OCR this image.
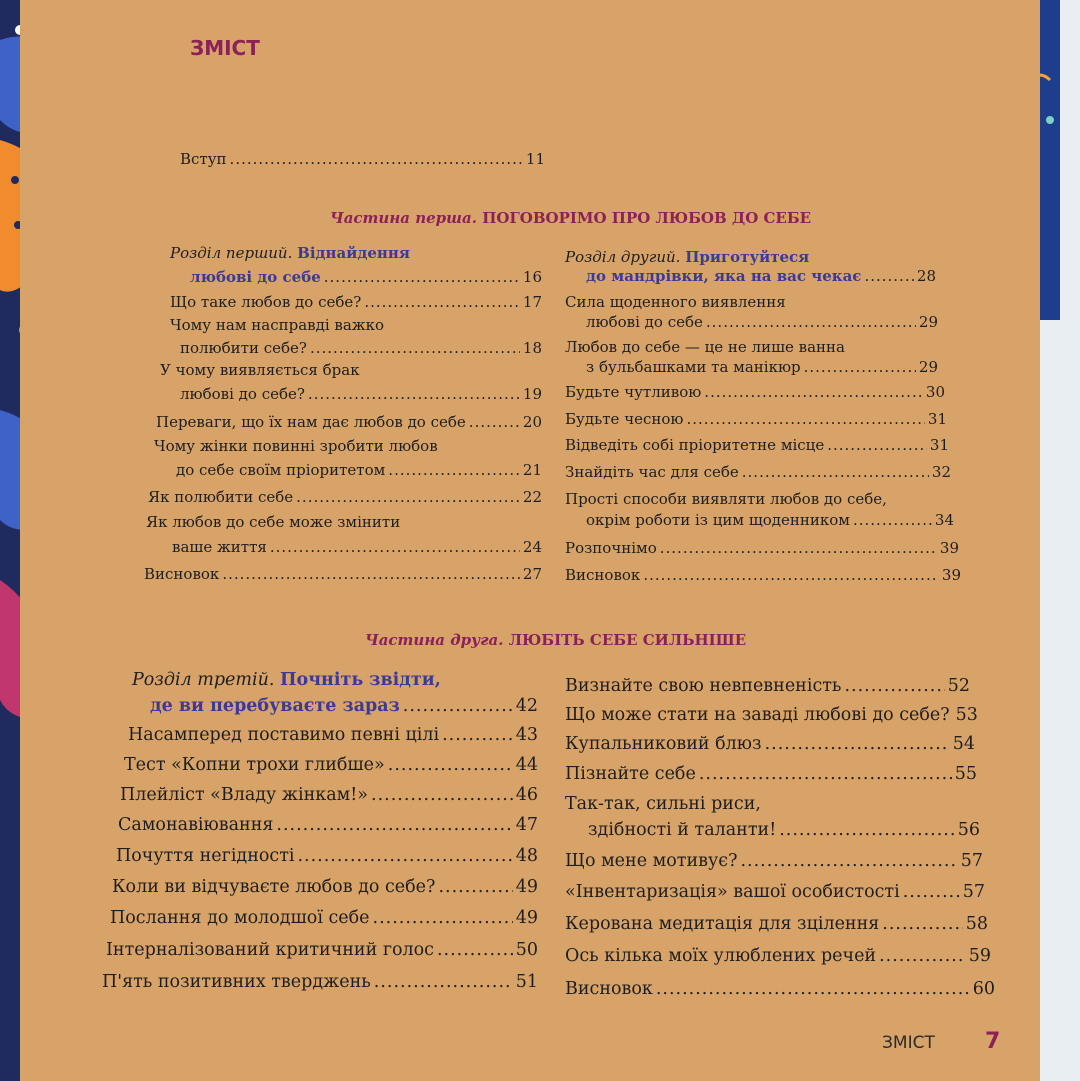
ЗМІСТ
Вступ .....	11
Частина перша. ПОГОВОРІМО ПРО ЛЮБОВ ДО СЕБЕ
Розділ перший. Віднайдення
любові до себе .....	16
Що таке любов до себе? .....	17
Чому нам насправді важко
полюбити себе? .....	18
У чому виявляється брак
любові до себе? .....	19
Переваги, що їх нам дає любов до себе .....	20
Чому жінки повинні зробити любов
до себе своїм пріоритетом .....	21
Як полюбити себе .....	22
Як любов до себе може змінити
ваше життя .....	24
Висновок .....	27
Розділ другий. Приготуйтеся
до мандрівки, яка на вас чекає .....	28
Сила щоденного виявлення
любові до себе .....	29
Любов до себе — це не лише ванна
з бульбашками та манікюр .....	29
Будьте чутливою .....	30
Будьте чесною .....	31
Відведіть собі пріоритетне місце .....	31
Знайдіть час для себе .....	32
Прості способи виявляти любов до себе,
окрім роботи із цим щоденником .....	34
Розпочнімо .....	39
Висновок .....	39
Частина друга. ЛЮБІТЬ СЕБЕ СИЛЬНІШЕ
Розділ третій. Почніть звідти,
де ви перебуваєте зараз .....	42
Насамперед поставимо певні цілі .....	43
Тест «Копни трохи глибше» .....	44
Плейліст «Владу жінкам!» .....	46
Самонавіювання .....	47
Почуття негідності .....	48
Коли ви відчуваєте любов до себе? .....	49
Послання до молодшої себе .....	49
Інтерналізований критичний голос .....	50
П'ять позитивних тверджень .....	51
Визнайте свою невпевненість .....	52
Що може стати на заваді любові до себе? 53
Купальниковий блюз .....	54
Пізнайте себе .....	55
Так-так, сильні риси,
здібності й таланти! .....	56
Що мене мотивує? .....	57
«Інвентаризація» вашої особистості .....	57
Керована медитація для зцілення .....	58
Ось кілька моїх улюблених речей .....	59
Висновок .....	60
ЗМІСТ 7
